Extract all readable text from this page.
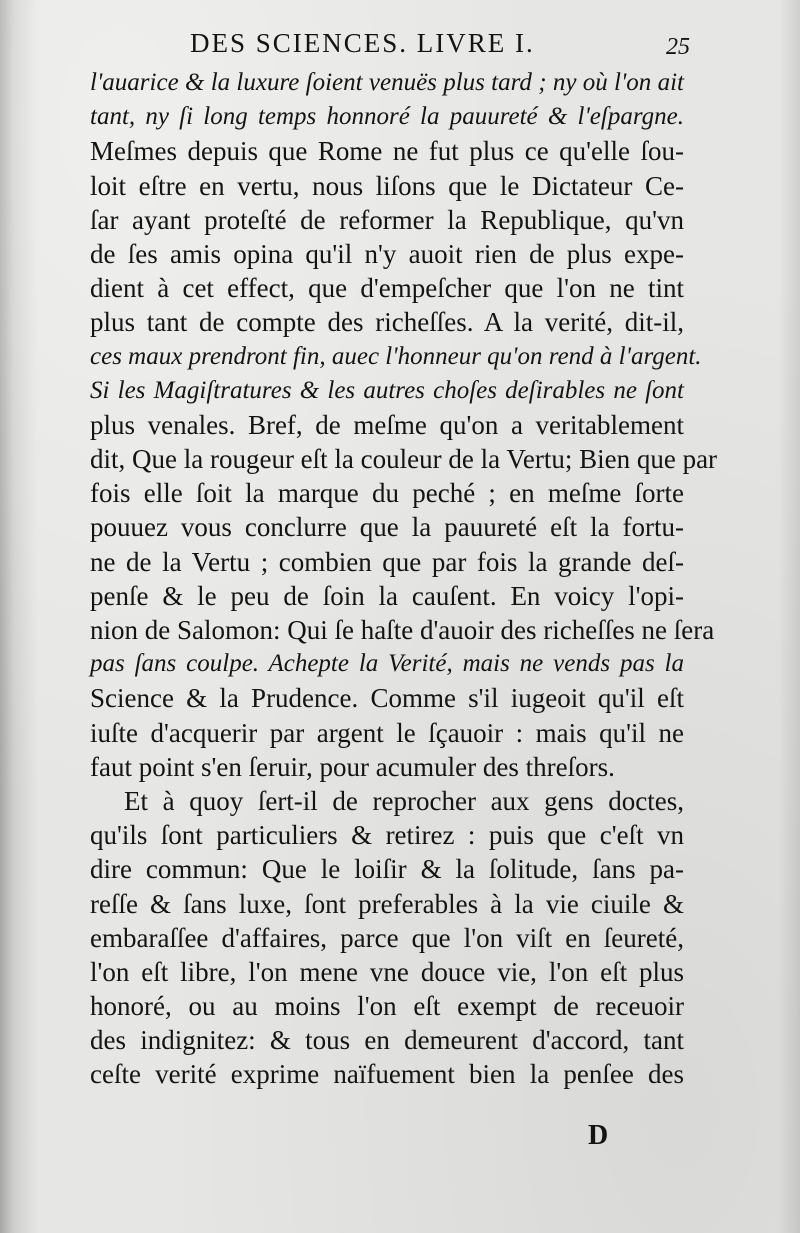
DES SCIENCES. LIVRE I.	25
l'auarice & la luxure ſoient venuës plus tard ; ny où l'on ait
tant, ny ſi long temps honnoré la pauureté & l'eſpargne.
Meſmes depuis que Rome ne fut plus ce qu'elle ſou-
loit eſtre en vertu, nous liſons que le Dictateur Ce-
ſar ayant proteſté de reformer la Republique, qu'vn
de ſes amis opina qu'il n'y auoit rien de plus expe-
dient à cet effect, que d'empeſcher que l'on ne tint
plus tant de compte des richeſſes. A la verité, dit-il,
ces maux prendront fin, auec l'honneur qu'on rend à l'argent.
Si les Magiſtratures & les autres choſes deſirables ne ſont
plus venales. Bref, de meſme qu'on a veritablement
dit, Que la rougeur eſt la couleur de la Vertu; Bien que par
fois elle ſoit la marque du peché ; en meſme ſorte
pouuez vous conclurre que la pauureté eſt la fortu-
ne de la Vertu ; combien que par fois la grande deſ-
penſe & le peu de ſoin la cauſent. En voicy l'opi-
nion de Salomon: Qui ſe haſte d'auoir des richeſſes ne ſera
pas ſans coulpe. Achepte la Verité, mais ne vends pas la
Science & la Prudence. Comme s'il iugeoit qu'il eſt
iuſte d'acquerir par argent le ſçauoir : mais qu'il ne
faut point s'en ſeruir, pour acumuler des threſors.
Et à quoy ſert-il de reprocher aux gens doctes,
qu'ils ſont particuliers & retirez : puis que c'eſt vn
dire commun: Que le loiſir & la ſolitude, ſans pa-
reſſe & ſans luxe, ſont preferables à la vie ciuile &
embaraſſee d'affaires, parce que l'on viſt en ſeureté,
l'on eſt libre, l'on mene vne douce vie, l'on eſt plus
honoré, ou au moins l'on eſt exempt de receuoir
des indignitez: & tous en demeurent d'accord, tant
ceſte verité exprime naïfuement bien la penſee des
D
